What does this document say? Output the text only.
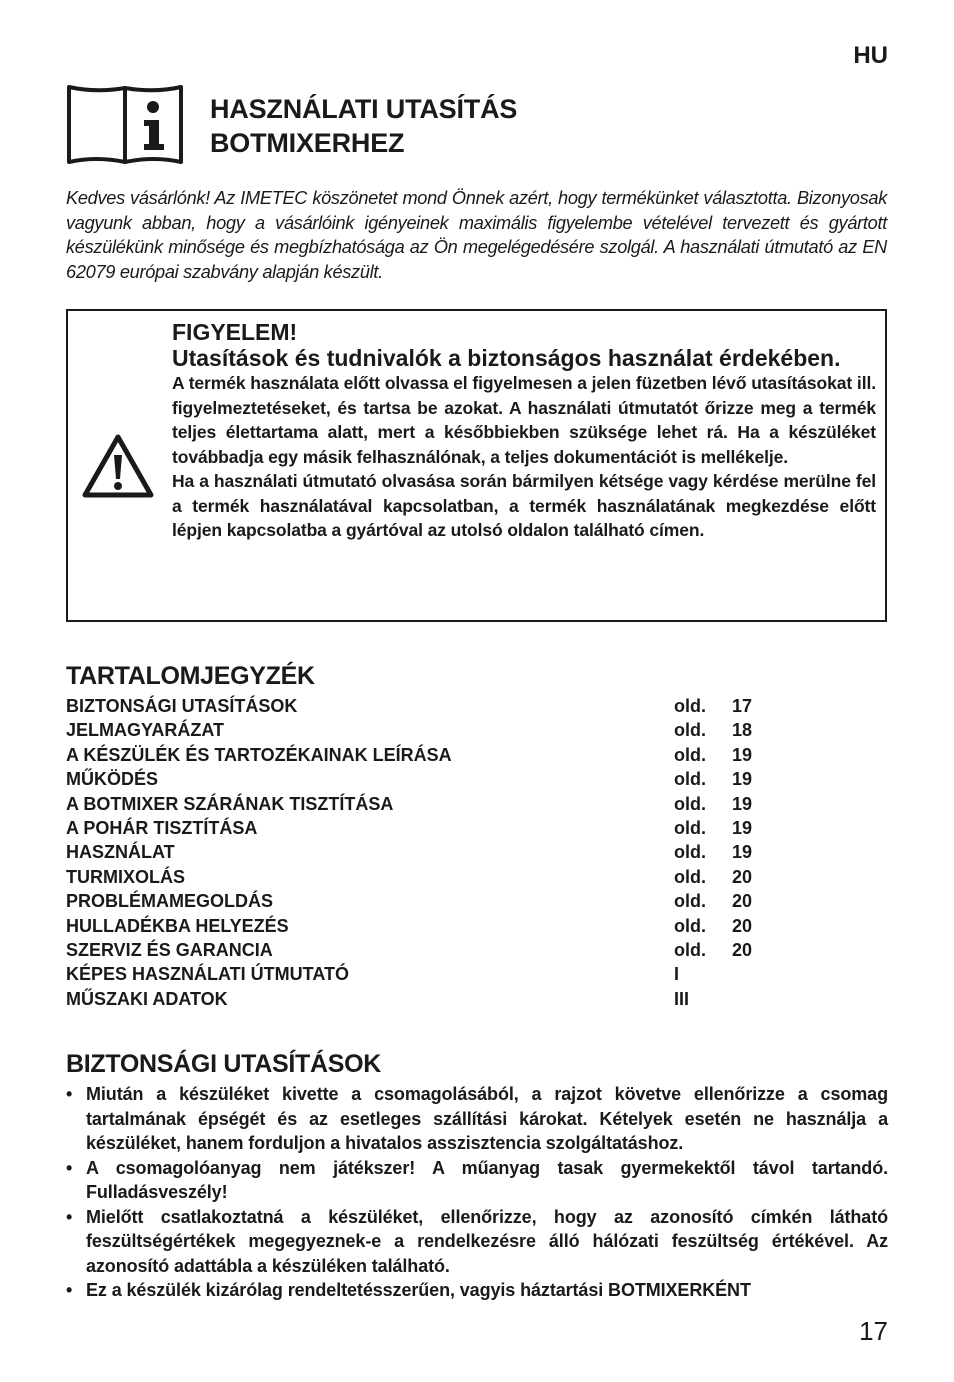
HU
HASZNÁLATI UTASÍTÁS
BOTMIXERHEZ
Kedves vásárlónk! Az IMETEC köszönetet mond Önnek azért, hogy termékünket választotta. Bizonyosak vagyunk abban, hogy a vásárlóink igényeinek maximális figyelembe vételével tervezett és gyártott készülékünk minősége és megbízhatósága az Ön megelégedésére szolgál. A használati útmutató az EN 62079 európai szabvány alapján készült.

FIGYELEM!

Utasítások és tudnivalók a biztonságos használat érdekében.

A termék használata előtt olvassa el figyelmesen a jelen füzetben lévő utasításokat ill. figyelmeztetéseket, és tartsa be azokat. A használati útmutatót őrizze meg a termék teljes élettartama alatt, mert a későbbiekben szüksége lehet rá. Ha a készüléket továbbadja egy másik felhasználónak, a teljes dokumentációt is mellékelje.

Ha a használati útmutató olvasása során bármilyen kétsége vagy kérdése merülne fel a termék használatával kapcsolatban, a termék használatának megkezdése előtt lépjen kapcsolatba a gyártóval az utolsó oldalon található címen.

TARTALOMJEGYZÉK
BIZTONSÁGI UTASÍTÁSOK	old. 17
JELMAGYARÁZAT	old. 18
A KÉSZÜLÉK ÉS TARTOZÉKAINAK LEÍRÁSA	old. 19
MŰKÖDÉS	old. 19
A BOTMIXER SZÁRÁNAK TISZTÍTÁSA	old. 19
A POHÁR TISZTÍTÁSA	old. 19
HASZNÁLAT	old. 19
TURMIXOLÁS	old. 20
PROBLÉMAMEGOLDÁS	old. 20
HULLADÉKBA HELYEZÉS	old. 20
SZERVIZ ÉS GARANCIA	old. 20
KÉPES HASZNÁLATI ÚTMUTATÓ	I
MŰSZAKI ADATOK	III
BIZTONSÁGI UTASÍTÁSOK
• Miután a készüléket kivette a csomagolásából, a rajzot követve ellenőrizze a csomag tartalmának épségét és az esetleges szállítási károkat. Kételyek esetén ne használja a készüléket, hanem forduljon a hivatalos asszisztencia szolgáltatáshoz.
• A csomagolóanyag nem játékszer! A műanyag tasak gyermekektől távol tartandó. Fulladásveszély!
• Mielőtt csatlakoztatná a készüléket, ellenőrizze, hogy az azonosító címkén látható feszültségértékek megegyeznek-e a rendelkezésre álló hálózati feszültség értékével. Az azonosító adattábla a készüléken található.
• Ez a készülék kizárólag rendeltetésszerűen, vagyis háztartási BOTMIXERKÉNT
17
